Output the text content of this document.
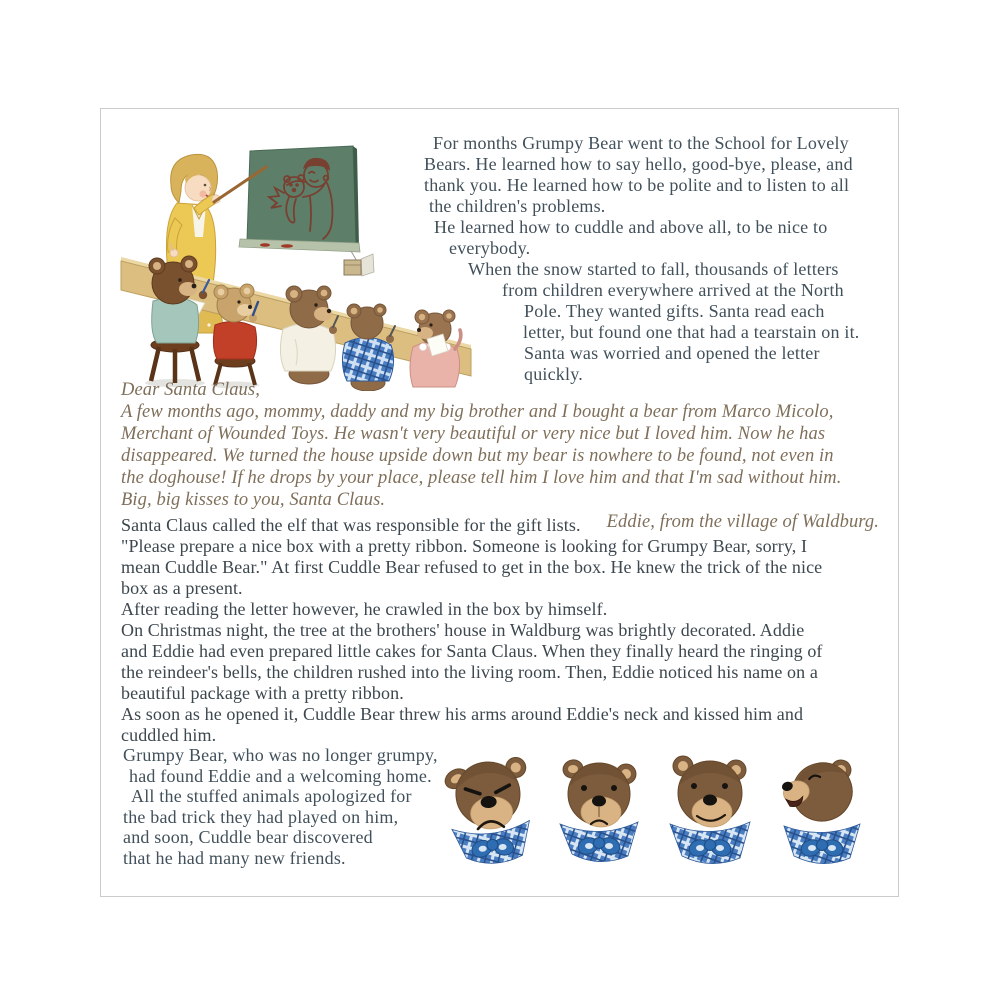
For months Grumpy Bear went to the School for Lovely
Bears. He learned how to say hello, good-bye, please, and
thank you. He learned how to be polite and to listen to all
the children's problems.
He learned how to cuddle and above all, to be nice to
everybody.
When the snow started to fall, thousands of letters
from children everywhere arrived at the North
Pole. They wanted gifts. Santa read each
letter, but found one that had a tearstain on it.
Santa was worried and opened the letter
quickly.
Dear Santa Claus,
A few months ago, mommy, daddy and my big brother and I bought a bear from Marco Micolo,
Merchant of Wounded Toys. He wasn't very beautiful or very nice but I loved him. Now he has
disappeared. We turned the house upside down but my bear is nowhere to be found, not even in
the doghouse! If he drops by your place, please tell him I love him and that I'm sad without him.
Big, big kisses to you, Santa Claus.
Eddie, from the village of Waldburg.
Santa Claus called the elf that was responsible for the gift lists.
"Please prepare a nice box with a pretty ribbon. Someone is looking for Grumpy Bear, sorry, I
mean Cuddle Bear." At first Cuddle Bear refused to get in the box. He knew the trick of the nice
box as a present.
After reading the letter however, he crawled in the box by himself.
On Christmas night, the tree at the brothers' house in Waldburg was brightly decorated. Addie
and Eddie had even prepared little cakes for Santa Claus. When they finally heard the ringing of
the reindeer's bells, the children rushed into the living room. Then, Eddie noticed his name on a
beautiful package with a pretty ribbon.
As soon as he opened it, Cuddle Bear threw his arms around Eddie's neck and kissed him and
cuddled him.
Grumpy Bear, who was no longer grumpy,
had found Eddie and a welcoming home.
All the stuffed animals apologized for
the bad trick they had played on him,
and soon, Cuddle bear discovered
that he had many new friends.
